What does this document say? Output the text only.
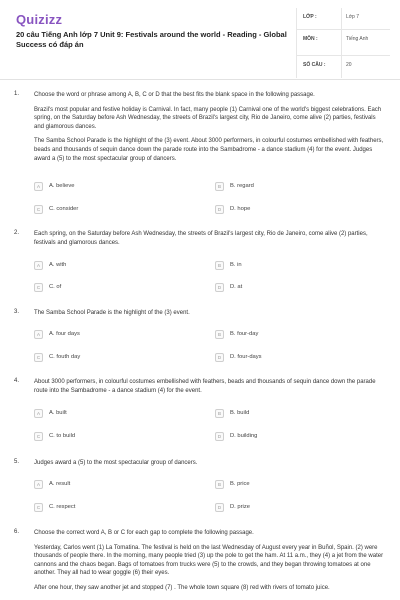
Quizizz
20 câu Tiếng Anh lớp 7 Unit 9: Festivals around the world - Reading - Global Success có đáp án
LỚP :	Lớp 7
MÔN :	Tiếng Anh
SỐ CÂU :	20
1. Choose the word or phrase among A, B, C or D that the best fits the blank space in the following passage.

Brazil's most popular and festive holiday is Carnival. In fact, many people (1) Carnival one of the world's biggest celebrations. Each spring, on the Saturday before Ash Wednesday, the streets of Brazil's largest city, Rio de Janeiro, come alive (2) parties, festivals and glamorous dances.

The Samba School Parade is the highlight of the (3) event. About 3000 performers, in colourful costumes embellished with feathers, beads and thousands of sequin dance down the parade route into the Sambadrome - a dance stadium (4) for the event. Judges award a (5) to the most spectacular group of dancers.

A	A. believe	B	B. regard
C	C. consider	D	D. hope
2. Each spring, on the Saturday before Ash Wednesday, the streets of Brazil's largest city, Rio de Janeiro, come alive (2) parties, festivals and glamorous dances.

A	A. with	B	B. in
C	C. of	D	D. at
3. The Samba School Parade is the highlight of the (3) event.

A	A. four days	B	B. four-day
C	C. fouth day	D	D. four-days
4. About 3000 performers, in colourful costumes embellished with feathers, beads and thousands of sequin dance down the parade route into the Sambadrome - a dance stadium (4) for the event.

A	A. built	B	B. build
C	C. to build	D	D. building
5. Judges award a (5) to the most spectacular group of dancers.

A	A. result	B	B. price
C	C. respect	D	D. prize
6. Choose the correct word A, B or C for each gap to complete the following passage.

Yesterday, Carlos went (1) La Tomatina. The festival is held on the last Wednesday of August every year in Buñol, Spain. (2) were thousands of people there. In the morning, many people tried (3) up the pole to get the ham. At 11 a.m., they (4) a jet from the water cannons and the chaos began. Bags of tomatoes from trucks were (5) to the crowds, and they began throwing tomatoes at one another. They all had to wear goggle (6) their eyes.

After one hour, they saw another jet and stopped (7) . The whole town square (8) red with rivers of tomato juice.
